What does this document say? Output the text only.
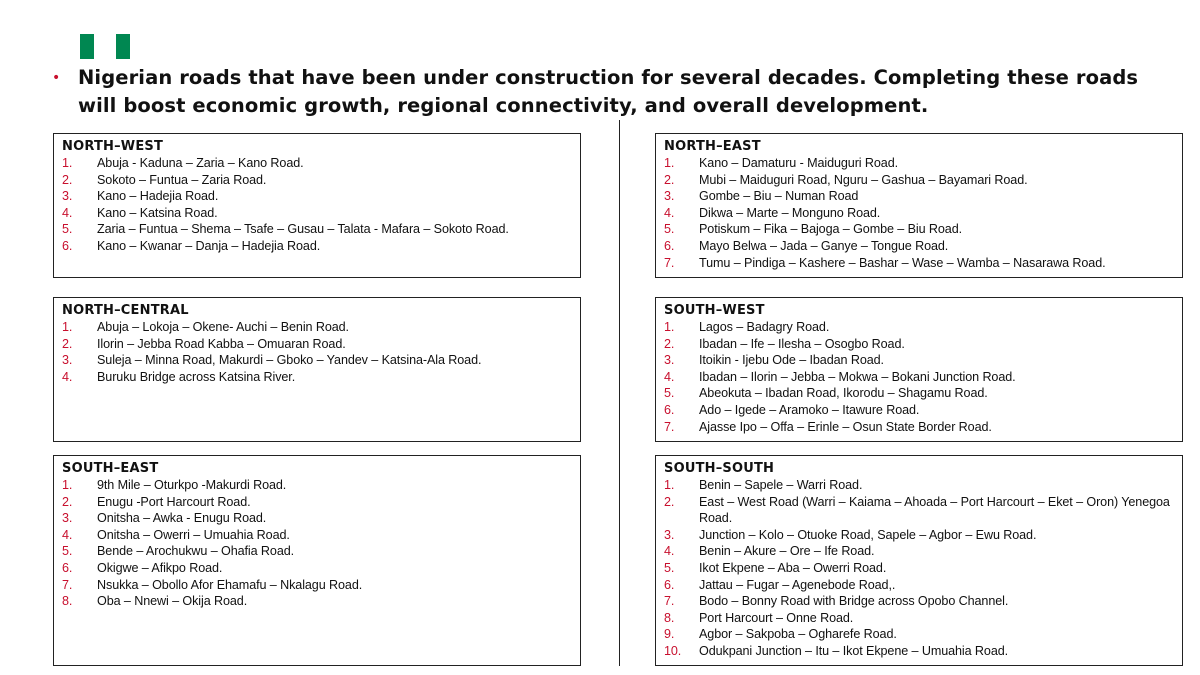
• Nigerian roads that have been under construction for several decades. Completing these roads will boost economic growth, regional connectivity, and overall development.
NORTH–WEST
1. Abuja - Kaduna – Zaria – Kano Road.
2. Sokoto – Funtua – Zaria Road.
3. Kano – Hadejia Road.
4. Kano – Katsina Road.
5. Zaria – Funtua – Shema – Tsafe – Gusau – Talata - Mafara – Sokoto Road.
6. Kano – Kwanar – Danja – Hadejia Road.
NORTH–EAST
1. Kano – Damaturu - Maiduguri Road.
2. Mubi – Maiduguri Road, Nguru – Gashua – Bayamari Road.
3. Gombe – Biu – Numan Road
4. Dikwa – Marte – Monguno Road.
5. Potiskum – Fika – Bajoga – Gombe – Biu Road.
6. Mayo Belwa – Jada – Ganye – Tongue Road.
7. Tumu – Pindiga – Kashere – Bashar – Wase – Wamba – Nasarawa Road.
NORTH–CENTRAL
1. Abuja – Lokoja – Okene- Auchi – Benin Road.
2. Ilorin – Jebba Road Kabba – Omuaran Road.
3. Suleja – Minna Road, Makurdi – Gboko – Yandev – Katsina-Ala Road.
4. Buruku Bridge across Katsina River.
SOUTH–WEST
1. Lagos – Badagry Road.
2. Ibadan – Ife – Ilesha – Osogbo Road.
3. Itoikin - Ijebu Ode – Ibadan Road.
4. Ibadan – Ilorin – Jebba – Mokwa – Bokani Junction Road.
5. Abeokuta – Ibadan Road, Ikorodu – Shagamu Road.
6. Ado – Igede – Aramoko – Itawure Road.
7. Ajasse Ipo – Offa – Erinle – Osun State Border Road.
SOUTH–EAST
1. 9th Mile – Oturkpo -Makurdi Road.
2. Enugu -Port Harcourt Road.
3. Onitsha – Awka - Enugu Road.
4. Onitsha – Owerri – Umuahia Road.
5. Bende – Arochukwu – Ohafia Road.
6. Okigwe – Afikpo Road.
7. Nsukka – Obollo Afor Ehamafu – Nkalagu Road.
8. Oba – Nnewi – Okija Road.
SOUTH–SOUTH
1. Benin – Sapele – Warri Road.
2. East – West Road (Warri – Kaiama – Ahoada – Port Harcourt – Eket – Oron) Yenegoa Road.
3. Junction – Kolo – Otuoke Road, Sapele – Agbor – Ewu Road.
4. Benin – Akure – Ore – Ife Road.
5. Ikot Ekpene – Aba – Owerri Road.
6. Jattau – Fugar – Agenebode Road,.
7. Bodo – Bonny Road with Bridge across Opobo Channel.
8. Port Harcourt – Onne Road.
9. Agbor – Sakpoba – Ogharefe Road.
10. Odukpani Junction – Itu – Ikot Ekpene – Umuahia Road.
